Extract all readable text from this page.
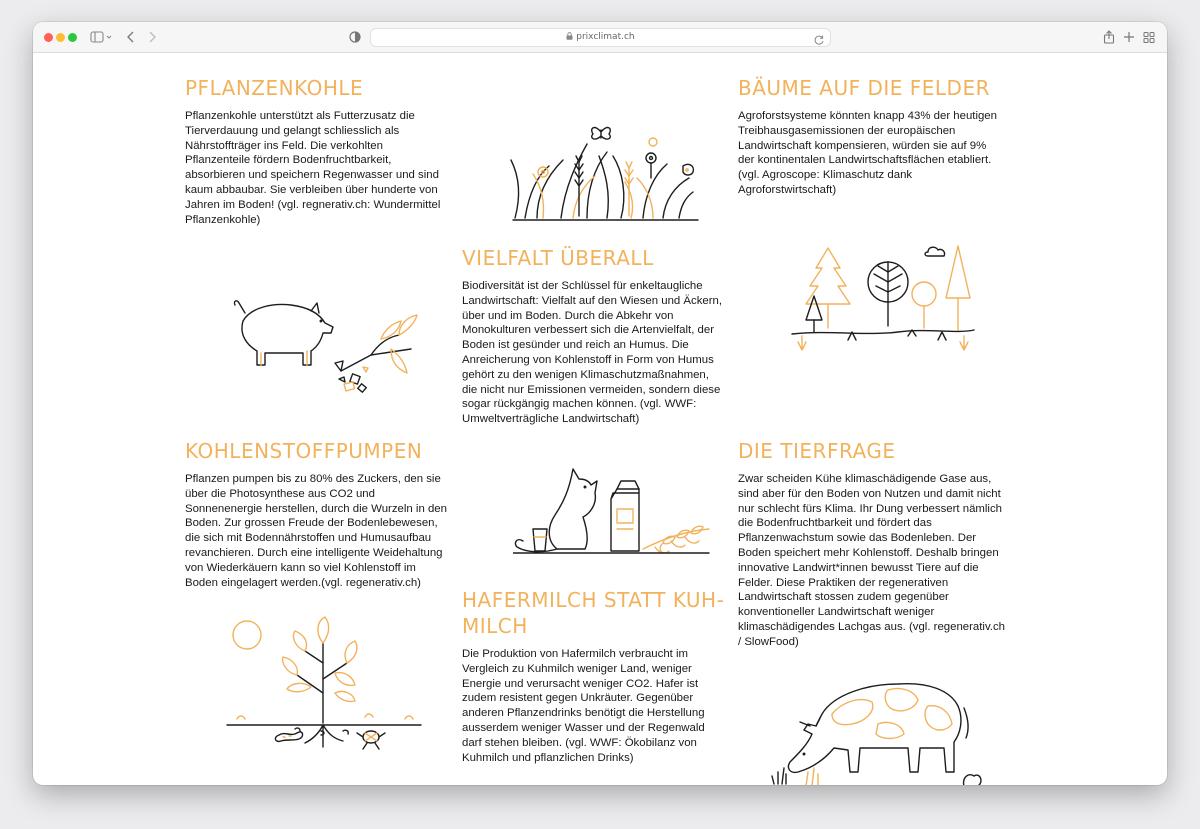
prixclimat.ch
PFLANZENKOHLE
Pflanzenkohle unterstützt als Futterzusatz die
Tierverdauung und gelangt schliesslich als
Nährstoffträger ins Feld. Die verkohlten
Pflanzenteile fördern Bodenfruchtbarkeit,
absorbieren und speichern Regenwasser und sind
kaum abbaubar. Sie verbleiben über hunderte von
Jahren im Boden! (vgl. regnerativ.ch: Wundermittel
Pflanzenkohle)
BÄUME AUF DIE FELDER
Agroforstsysteme könnten knapp 43% der heutigen
Treibhausgasemissionen der europäischen
Landwirtschaft kompensieren, würden sie auf 9%
der kontinentalen Landwirtschaftsflächen etabliert.
(vgl. Agroscope: Klimaschutz dank
Agroforstwirtschaft)
VIELFALT ÜBERALL
Biodiversität ist der Schlüssel für enkeltaugliche
Landwirtschaft: Vielfalt auf den Wiesen und Äckern,
über und im Boden. Durch die Abkehr von
Monokulturen verbessert sich die Artenvielfalt, der
Boden ist gesünder und reich an Humus. Die
Anreicherung von Kohlenstoff in Form von Humus
gehört zu den wenigen Klimaschutzmaßnahmen,
die nicht nur Emissionen vermeiden, sondern diese
sogar rückgängig machen können. (vgl. WWF:
Umweltverträgliche Landwirtschaft)
KOHLENSTOFFPUMPEN
Pflanzen pumpen bis zu 80% des Zuckers, den sie
über die Photosynthese aus CO2 und
Sonnenenergie herstellen, durch die Wurzeln in den
Boden. Zur grossen Freude der Bodenlebewesen,
die sich mit Bodennährstoffen und Humusaufbau
revanchieren. Durch eine intelligente Weidehaltung
von Wiederkäuern kann so viel Kohlenstoff im
Boden eingelagert werden.(vgl. regenerativ.ch)
DIE TIERFRAGE
Zwar scheiden Kühe klimaschädigende Gase aus,
sind aber für den Boden von Nutzen und damit nicht
nur schlecht fürs Klima. Ihr Dung verbessert nämlich
die Bodenfruchtbarkeit und fördert das
Pflanzenwachstum sowie das Bodenleben. Der
Boden speichert mehr Kohlenstoff. Deshalb bringen
innovative Landwirt*innen bewusst Tiere auf die
Felder. Diese Praktiken der regenerativen
Landwirtschaft stossen zudem gegenüber
konventioneller Landwirtschaft weniger
klimaschädigendes Lachgas aus. (vgl. regenerativ.ch
/ SlowFood)
HAFERMILCH STATT KUH-
MILCH
Die Produktion von Hafermilch verbraucht im
Vergleich zu Kuhmilch weniger Land, weniger
Energie und verursacht weniger CO2. Hafer ist
zudem resistent gegen Unkräuter. Gegenüber
anderen Pflanzendrinks benötigt die Herstellung
ausserdem weniger Wasser und der Regenwald
darf stehen bleiben. (vgl. WWF: Ökobilanz von
Kuhmilch und pflanzlichen Drinks)
